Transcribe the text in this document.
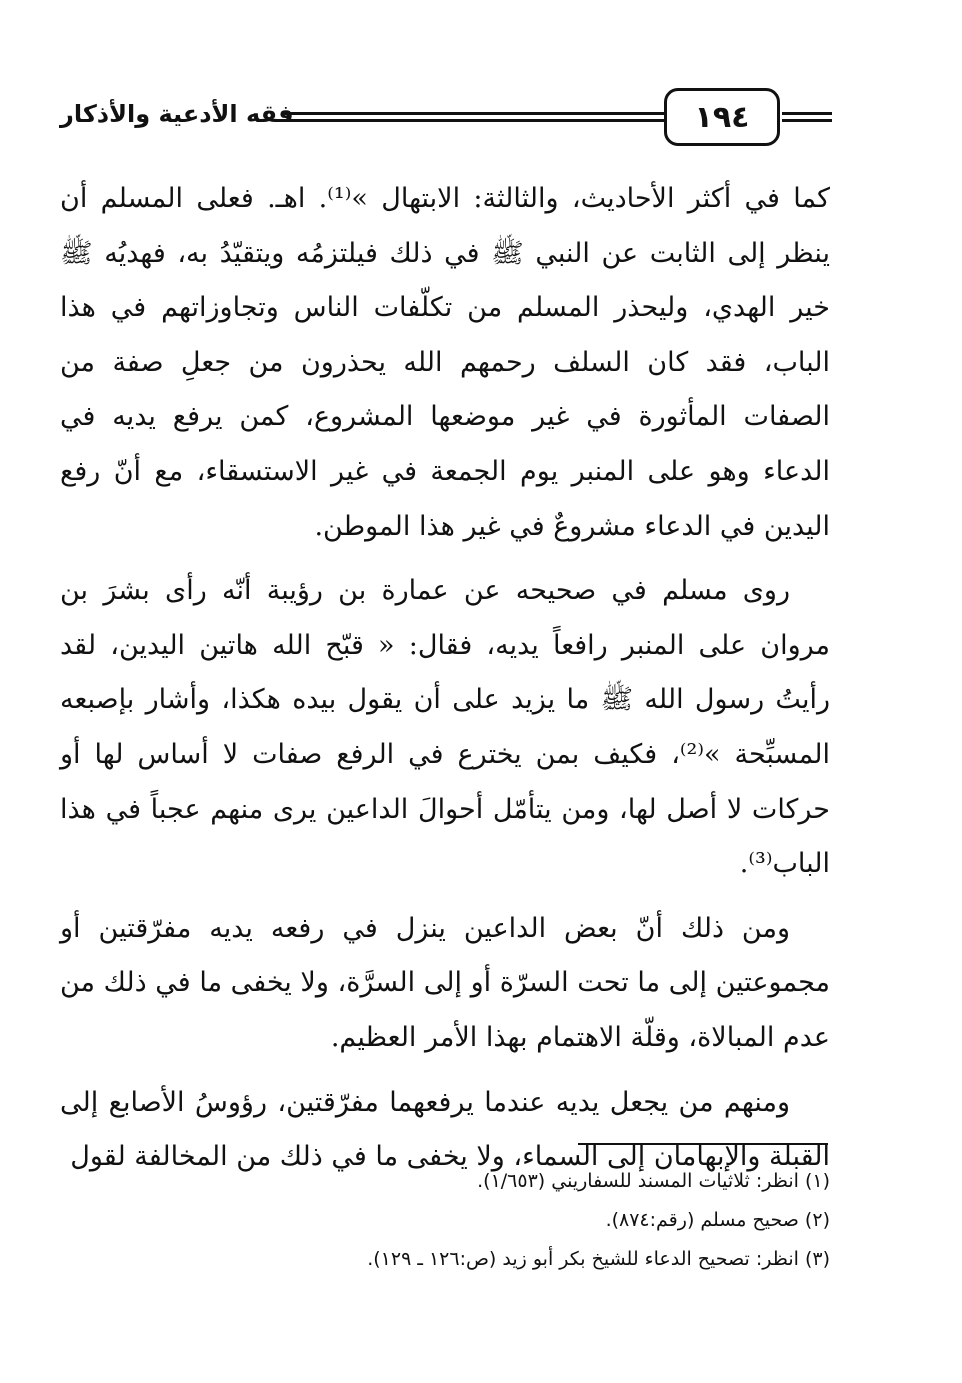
فقه الأدعية والأذكار	١٩٤

كما في أكثر الأحاديث، والثالثة: الابتهال »⁽¹⁾. اهـ. فعلى المسلم أن ينظر إلى الثابت عن النبي ﷺ في ذلك فيلتزمُه ويتقيّدُ به، فهديُه ﷺ خير الهدي، وليحذر المسلم من تكلّفات الناس وتجاوزاتهم في هذا الباب، فقد كان السلف رحمهم الله يحذرون من جعلِ صفة من الصفات المأثورة في غير موضعها المشروع، كمن يرفع يديه في الدعاء وهو على المنبر يوم الجمعة في غير الاستسقاء، مع أنّ رفع اليدين في الدعاء مشروعٌ في غير هذا الموطن.

روى مسلم في صحيحه عن عمارة بن رؤيبة أنّه رأى بشرَ بن مروان على المنبر رافعاً يديه، فقال: « قبّح الله هاتين اليدين، لقد رأيتُ رسول الله ﷺ ما يزيد على أن يقول بيده هكذا، وأشار بإصبعه المسبِّحة »⁽²⁾، فكيف بمن يخترع في الرفع صفات لا أساس لها أو حركات لا أصل لها، ومن يتأمّل أحوالَ الداعين يرى منهم عجباً في هذا الباب⁽³⁾.

ومن ذلك أنّ بعض الداعين ينزل في رفعه يديه مفرّقتين أو مجموعتين إلى ما تحت السرّة أو إلى السرَّة، ولا يخفى ما في ذلك من عدم المبالاة، وقلّة الاهتمام بهذا الأمر العظيم.

ومنهم من يجعل يديه عندما يرفعهما مفرّقتين، رؤوسُ الأصابع إلى القبلة والإبهامان إلى السماء، ولا يخفى ما في ذلك من المخالفة لقول

(١) انظر: ثلاثيات المسند للسفاريني (١/٦٥٣).
(٢) صحيح مسلم (رقم:٨٧٤).
(٣) انظر: تصحيح الدعاء للشيخ بكر أبو زيد (ص:١٢٦ ـ ١٢٩).
